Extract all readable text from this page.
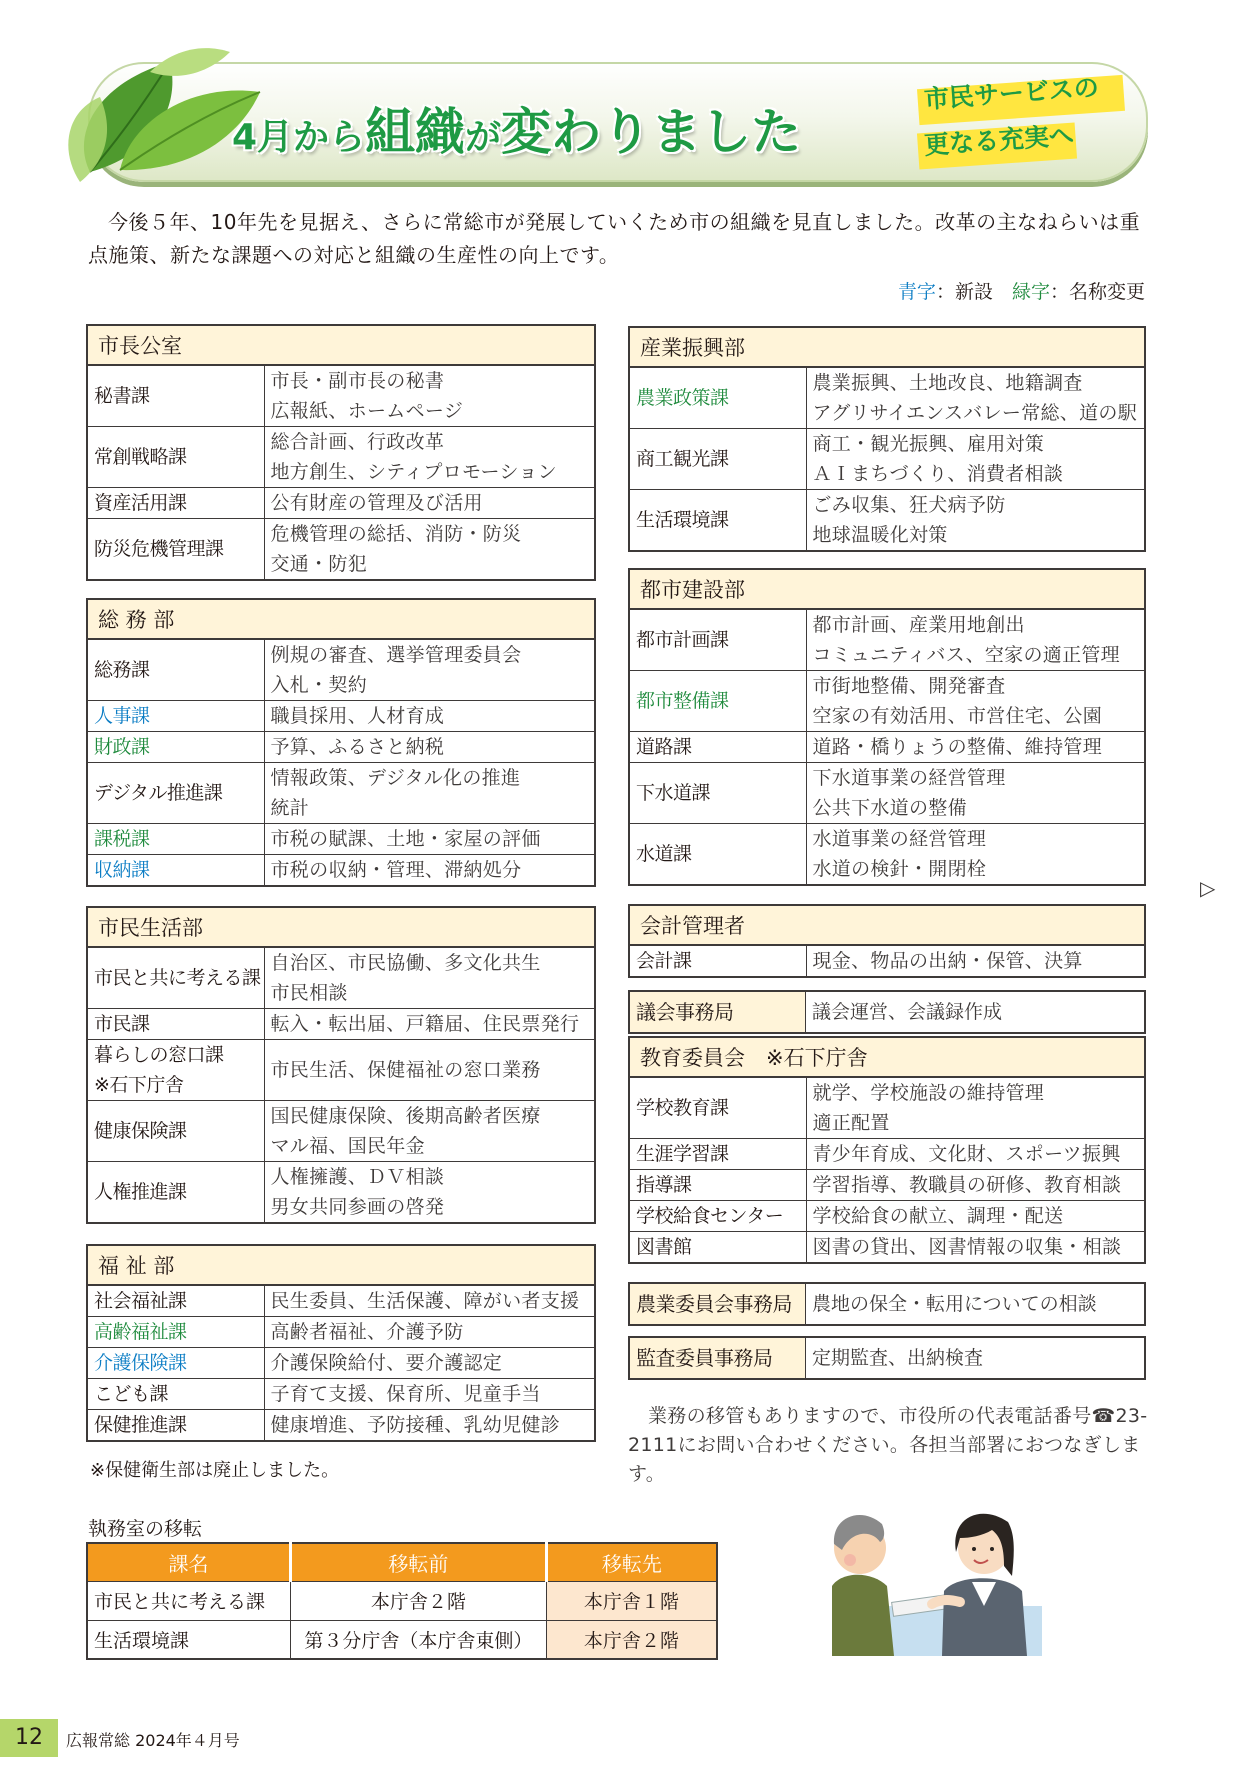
4月から組織が変わりました
市民サービスの
更なる充実へ

今後５年、10年先を見据え、さらに常総市が発展していくため市の組織を見直しました。改革の主なねらいは重点施策、新たな課題への対応と組織の生産性の向上です。

青字：新設　 緑字：名称変更
市長公室
秘書課	市長・副市長の秘書
広報紙、ホームページ

常創戦略課	総合計画、行政改革
地方創生、シティプロモーション

資産活用課	公有財産の管理及び活用

防災危機管理課	危機管理の総括、消防・防災
交通・防犯
総 務 部
総務課	例規の審査、選挙管理委員会
入札・契約

人事課	職員採用、人材育成

財政課	予算、ふるさと納税

デジタル推進課	情報政策、デジタル化の推進
統計

課税課	市税の賦課、土地・家屋の評価

収納課	市税の収納・管理、滞納処分
市民生活部
市民と共に考える課	自治区、市民協働、多文化共生
市民相談

市民課	転入・転出届、戸籍届、住民票発行

暮らしの窓口課
※石下庁舎	市民生活、保健福祉の窓口業務

健康保険課	国民健康保険、後期高齢者医療
マル福、国民年金

人権推進課	人権擁護、ＤＶ相談
男女共同参画の啓発
福 祉 部
社会福祉課	民生委員、生活保護、障がい者支援

高齢福祉課	高齢者福祉、介護予防

介護保険課	介護保険給付、要介護認定

こども課	子育て支援、保育所、児童手当

保健推進課	健康増進、予防接種、乳幼児健診
※保健衛生部は廃止しました。
産業振興部
農業政策課	農業振興、土地改良、地籍調査
アグリサイエンスバレー常総、道の駅

商工観光課	商工・観光振興、雇用対策
ＡＩまちづくり、消費者相談

生活環境課	ごみ収集、狂犬病予防
地球温暖化対策
都市建設部
都市計画課	都市計画、産業用地創出
コミュニティバス、空家の適正管理

都市整備課	市街地整備、開発審査
空家の有効活用、市営住宅、公園

道路課	道路・橋りょうの整備、維持管理

下水道課	下水道事業の経営管理
公共下水道の整備

水道課	水道事業の経営管理
水道の検針・開閉栓
会計管理者
会計課	現金、物品の出納・保管、決算
教育委員会　※石下庁舎
学校教育課	就学、学校施設の維持管理
適正配置

生涯学習課	青少年育成、文化財、スポーツ振興

指導課	学習指導、教職員の研修、教育相談

学校給食センター	学校給食の献立、調理・配送

図書館	図書の貸出、図書情報の収集・相談
議会事務局	議会運営、会議録作成
農業委員会事務局	農地の保全・転用についての相談
監査委員事務局	定期監査、出納検査

業務の移管もありますので、市役所の代表電話番号☎23-2111にお問い合わせください。各担当部署におつなぎします。

執務室の移転
課名	移転前	移転先
市民と共に考える課	本庁舎２階	本庁舎１階
生活環境課	第３分庁舎（本庁舎東側）	本庁舎２階
▷
12	広報常総 2024年４月号
